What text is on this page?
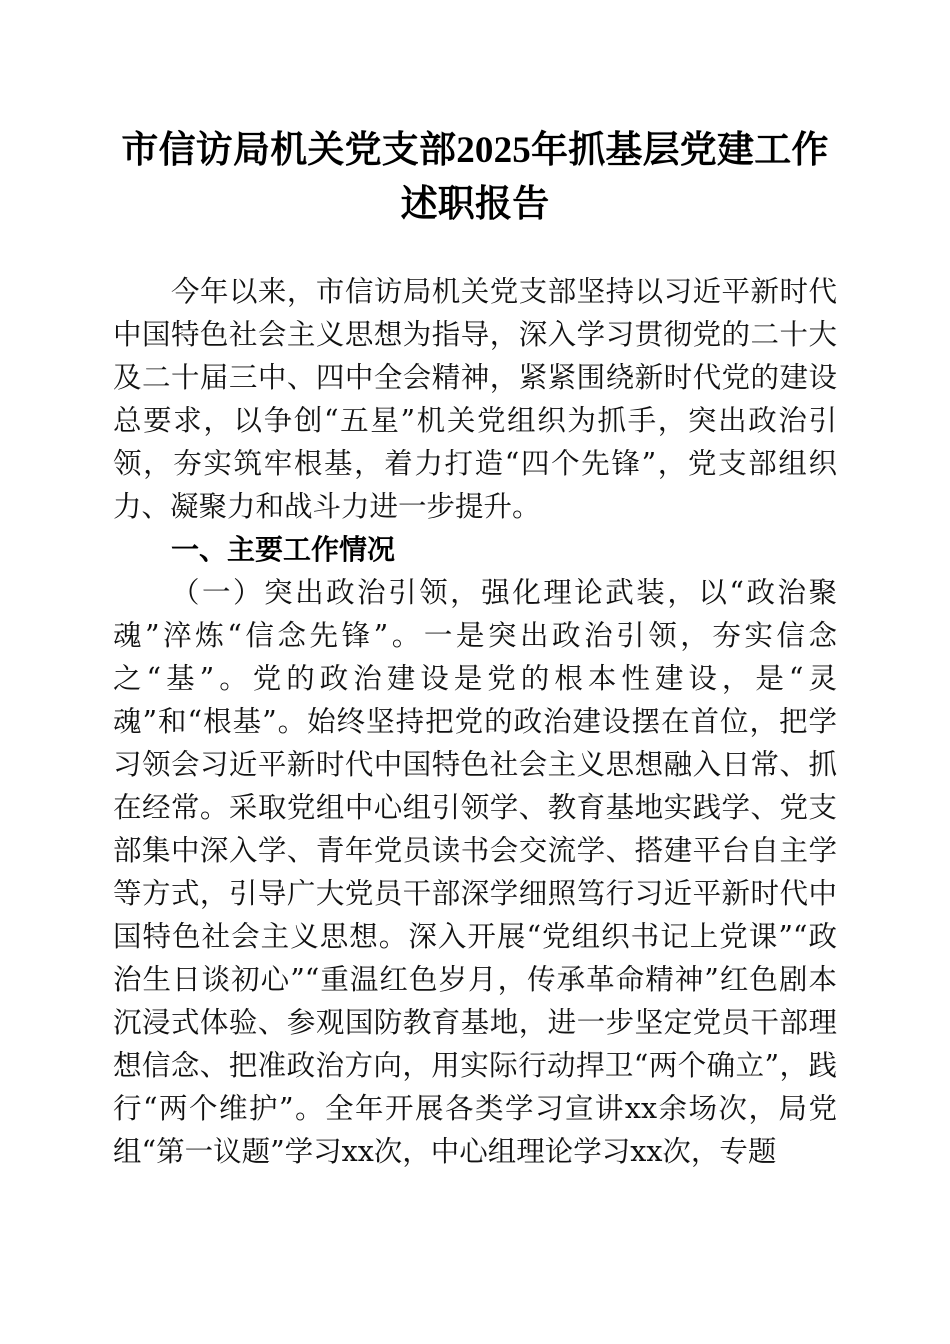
市信访局机关党支部2025年抓基层党建工作述职报告

今年以来，市信访局机关党支部坚持以习近平新时代中国特色社会主义思想为指导，深入学习贯彻党的二十大及二十届三中、四中全会精神，紧紧围绕新时代党的建设总要求，以争创“五星”机关党组织为抓手，突出政治引领，夯实筑牢根基，着力打造“四个先锋”，党支部组织力、凝聚力和战斗力进一步提升。

一、主要工作情况

（一）突出政治引领，强化理论武装，以“政治聚魂”淬炼“信念先锋”。一是突出政治引领，夯实信念之“基”。党的政治建设是党的根本性建设，是“灵魂”和“根基”。始终坚持把党的政治建设摆在首位，把学习领会习近平新时代中国特色社会主义思想融入日常、抓在经常。采取党组中心组引领学、教育基地实践学、党支部集中深入学、青年党员读书会交流学、搭建平台自主学等方式，引导广大党员干部深学细照笃行习近平新时代中国特色社会主义思想。深入开展“党组织书记上党课”“政治生日谈初心”“重温红色岁月，传承革命精神”红色剧本沉浸式体验、参观国防教育基地，进一步坚定党员干部理想信念、把准政治方向，用实际行动捍卫“两个确立”，践行“两个维护”。全年开展各类学习宣讲xx余场次，局党组“第一议题”学习xx次，中心组理论学习xx次，专题
